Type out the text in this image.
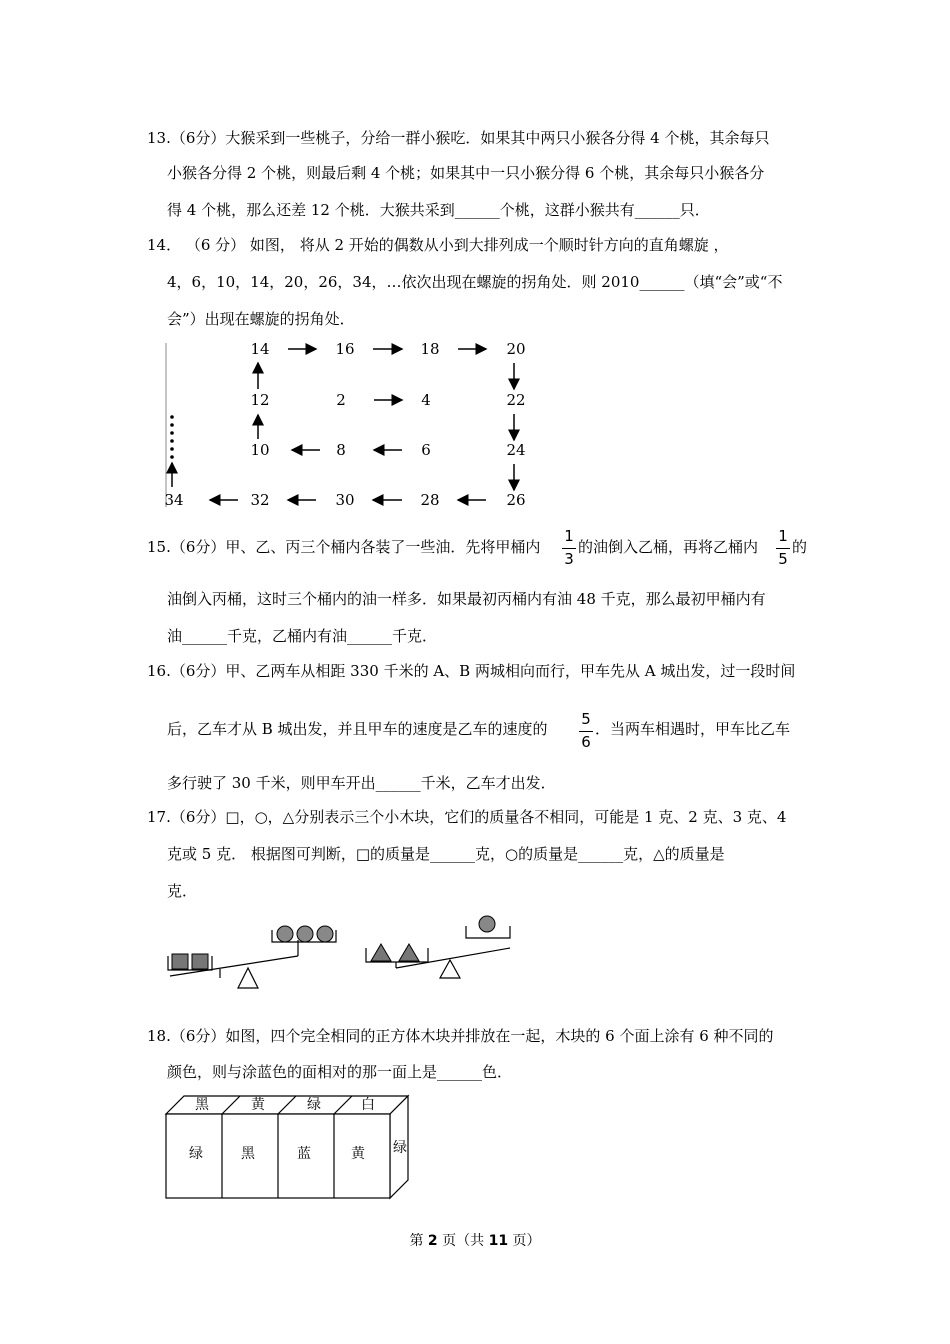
13.（6分）大猴采到一些桃子，分给一群小猴吃．如果其中两只小猴各分得 4 个桃，其余每只
小猴各分得 2 个桃，则最后剩 4 个桃；如果其中一只小猴分得 6 个桃，其余每只小猴各分
得 4 个桃，那么还差 12 个桃．大猴共采到______个桃，这群小猴共有______只．
14． （6 分） 如图， 将从 2 开始的偶数从小到大排列成一个顺时针方向的直角螺旋 ，
4，6，10，14，20，26，34，…依次出现在螺旋的拐角处．则 2010______（填“会”或“不
会”）出现在螺旋的拐角处．
14	16	18	20
12	2	4	22
10	8	6	24
34	32	30	28	26
15.（6分）甲、乙、丙三个桶内各装了一些油．先将甲桶内
1
3
的油倒入乙桶，再将乙桶内
1
5
的
油倒入丙桶，这时三个桶内的油一样多．如果最初丙桶内有油 48 千克，那么最初甲桶内有
油______千克，乙桶内有油______千克．
16.（6分）甲、乙两车从相距 330 千米的 A、B 两城相向而行，甲车先从 A 城出发，过一段时间
后，乙车才从 B 城出发，并且甲车的速度是乙车的速度的
5
6
．当两车相遇时，甲车比乙车
多行驶了 30 千米，则甲车开出______千米，乙车才出发．
17.（6分）□，○，△分别表示三个小木块，它们的质量各不相同，可能是 1 克、2 克、3 克、4
克或 5 克． 根据图可判断，□的质量是______克，○的质量是______克，△的质量是
克．
18.（6分）如图，四个完全相同的正方体木块并排放在一起，木块的 6 个面上涂有 6 种不同的
颜色，则与涂蓝色的面相对的那一面上是______色．
黑	黄	绿	白
绿	黑	蓝	黄 绿
第 2 页（共 11 页）
